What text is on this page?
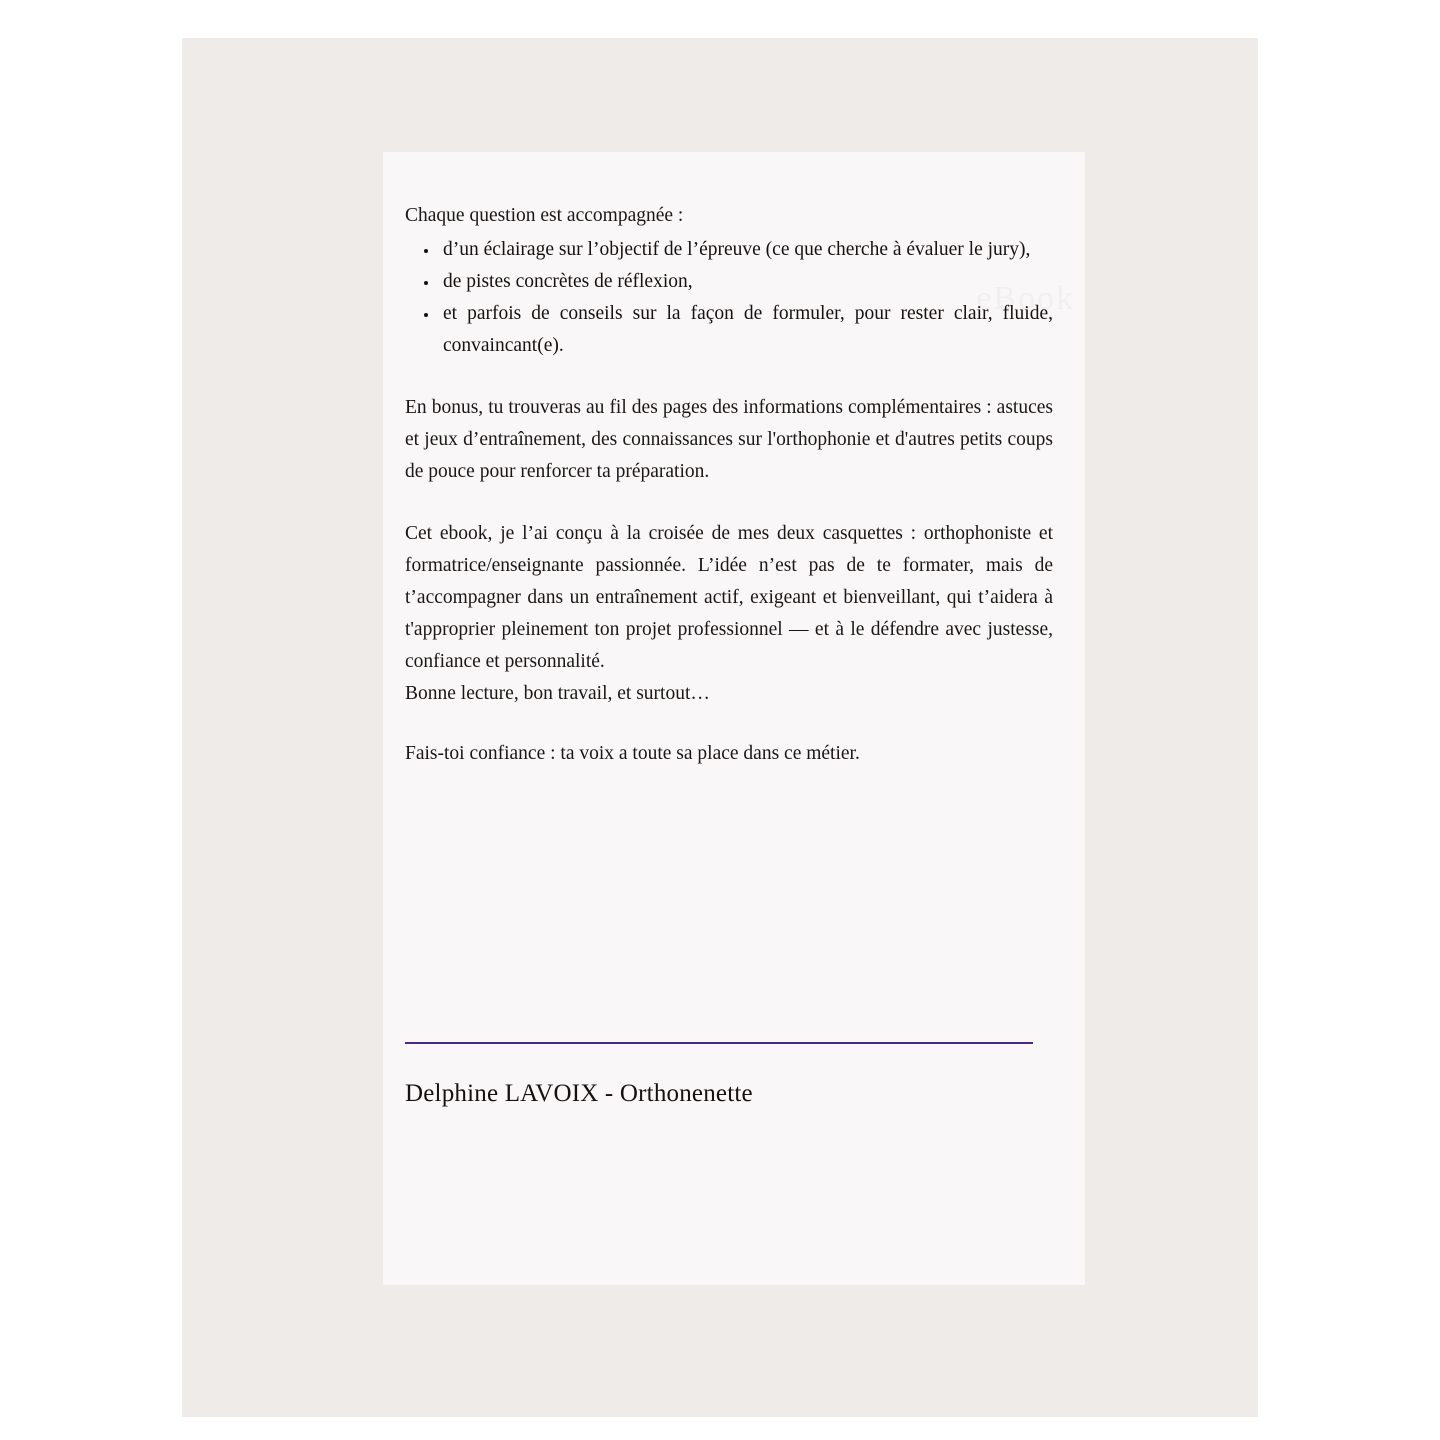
eBook

Chaque question est accompagnée :

• d’un éclairage sur l’objectif de l’épreuve (ce que cherche à évaluer le jury),
• de pistes concrètes de réflexion,
• et parfois de conseils sur la façon de formuler, pour rester clair, fluide, convaincant(e).

En bonus, tu trouveras au fil des pages des informations complémentaires : astuces et jeux d’entraînement, des connaissances sur l'orthophonie et d'autres petits coups de pouce pour renforcer ta préparation.

Cet ebook, je l’ai conçu à la croisée de mes deux casquettes : orthophoniste et formatrice/enseignante passionnée. L’idée n’est pas de te formater, mais de t’accompagner dans un entraînement actif, exigeant et bienveillant, qui t’aidera à t'approprier pleinement ton projet professionnel — et à le défendre avec justesse, confiance et personnalité.

Bonne lecture, bon travail, et surtout…

Fais-toi confiance : ta voix a toute sa place dans ce métier.

Delphine LAVOIX - Orthonenette
